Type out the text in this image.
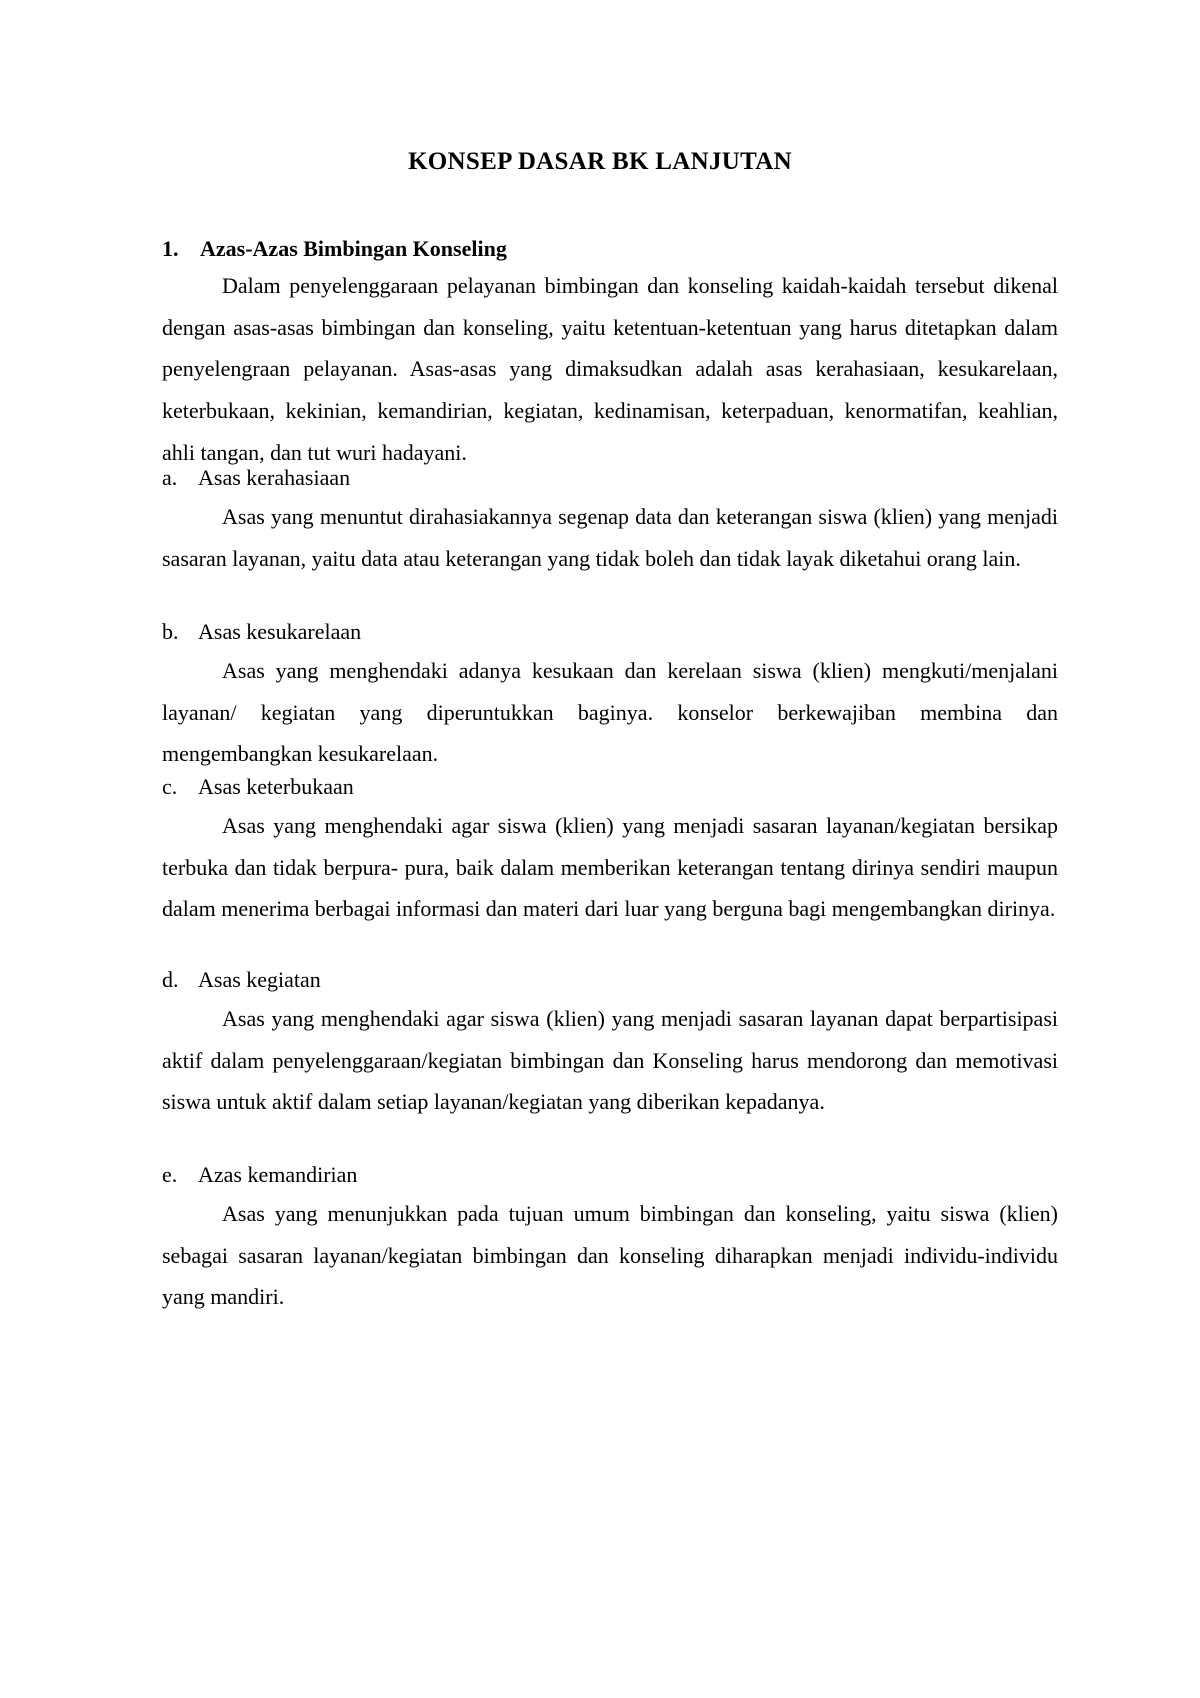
KONSEP DASAR BK LANJUTAN
1. Azas-Azas Bimbingan Konseling

Dalam penyelenggaraan pelayanan bimbingan dan konseling kaidah-kaidah tersebut dikenal dengan asas-asas bimbingan dan konseling, yaitu ketentuan-ketentuan yang harus ditetapkan dalam penyelengraan pelayanan. Asas-asas yang dimaksudkan adalah asas kerahasiaan, kesukarelaan, keterbukaan, kekinian, kemandirian, kegiatan, kedinamisan, keterpaduan, kenormatifan, keahlian, ahli tangan, dan tut wuri hadayani.

a. Asas kerahasiaan

Asas yang menuntut dirahasiakannya segenap data dan keterangan siswa (klien) yang menjadi sasaran layanan, yaitu data atau keterangan yang tidak boleh dan tidak layak diketahui orang lain.

b. Asas kesukarelaan

Asas yang menghendaki adanya kesukaan dan kerelaan siswa (klien) mengkuti/menjalani layanan/ kegiatan yang diperuntukkan baginya. konselor berkewajiban membina dan mengembangkan kesukarelaan.

c. Asas keterbukaan

Asas yang menghendaki agar siswa (klien) yang menjadi sasaran layanan/kegiatan bersikap terbuka dan tidak berpura- pura, baik dalam memberikan keterangan tentang dirinya sendiri maupun dalam menerima berbagai informasi dan materi dari luar yang berguna bagi mengembangkan dirinya.

d. Asas kegiatan

Asas yang menghendaki agar siswa (klien) yang menjadi sasaran layanan dapat berpartisipasi aktif dalam penyelenggaraan/kegiatan bimbingan dan Konseling harus mendorong dan memotivasi siswa untuk aktif dalam setiap layanan/kegiatan yang diberikan kepadanya.

e. Azas kemandirian

Asas yang menunjukkan pada tujuan umum bimbingan dan konseling, yaitu siswa (klien) sebagai sasaran layanan/kegiatan bimbingan dan konseling diharapkan menjadi individu-individu yang mandiri.
